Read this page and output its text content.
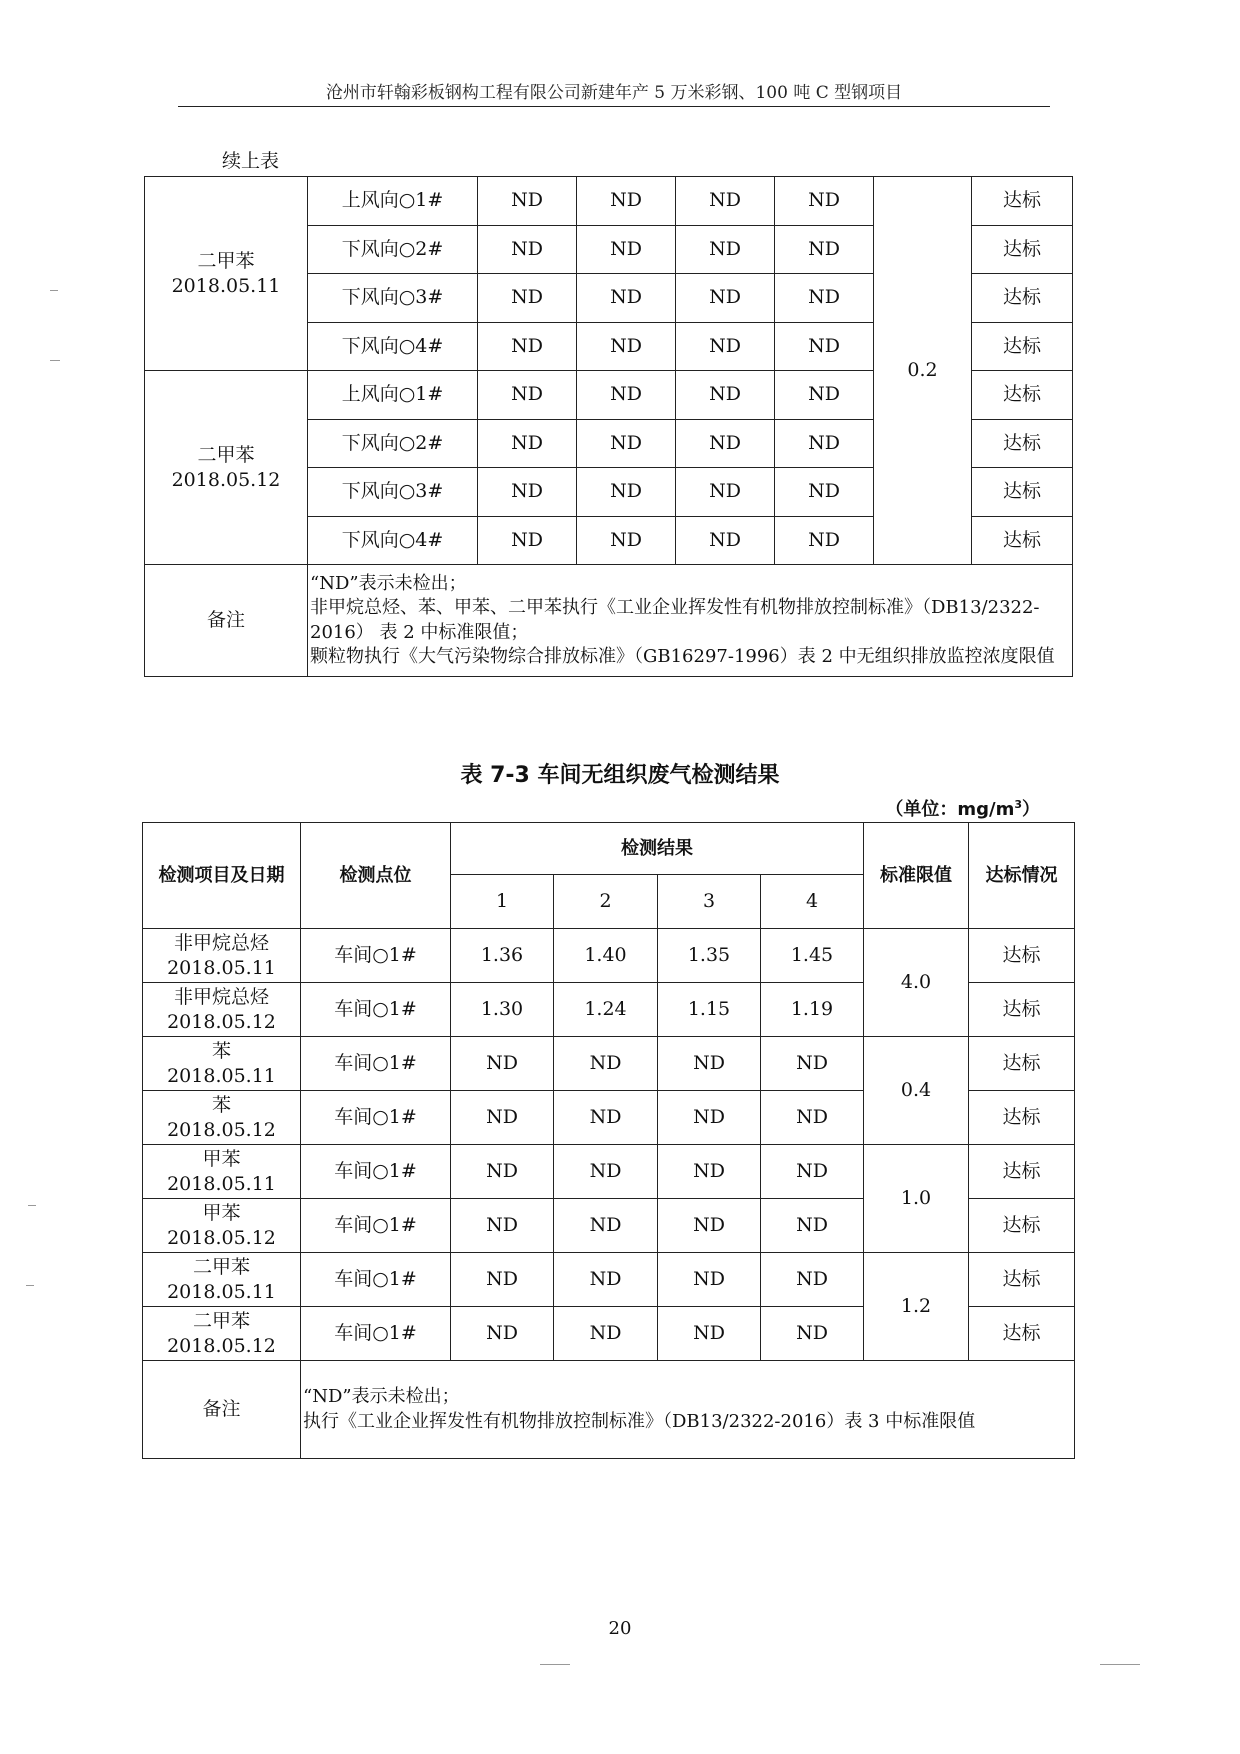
沧州市轩翰彩板钢构工程有限公司新建年产 5 万米彩钢、100 吨 C 型钢项目
续上表
二甲苯
2018.05.11	上风向○1#	ND	ND	ND	ND	0.2	达标
	下风向○2#	ND	ND	ND	ND		达标
	下风向○3#	ND	ND	ND	ND		达标
	下风向○4#	ND	ND	ND	ND		达标
二甲苯
2018.05.12	上风向○1#	ND	ND	ND	ND		达标
	下风向○2#	ND	ND	ND	ND		达标
	下风向○3#	ND	ND	ND	ND		达标
	下风向○4#	ND	ND	ND	ND		达标
备注	“ND”表示未检出；
非甲烷总烃、苯、甲苯、二甲苯执行《工业企业挥发性有机物排放控制标准》（DB13/2322-2016） 表 2 中标准限值；
颗粒物执行《大气污染物综合排放标准》（GB16297-1996）表 2 中无组织排放监控浓度限值						
表 7-3 车间无组织废气检测结果
（单位：$mg/m^3$）
检测项目及日期	检测点位	检测结果				标准限值	达标情况
		1	2	3	4		
非甲烷总烃
2018.05.11	车间○1#	1.36	1.40	1.35	1.45	4.0	达标
非甲烷总烃
2018.05.12	车间○1#	1.30	1.24	1.15	1.19		达标
苯
2018.05.11	车间○1#	ND	ND	ND	ND	0.4	达标
苯
2018.05.12	车间○1#	ND	ND	ND	ND		达标
甲苯
2018.05.11	车间○1#	ND	ND	ND	ND	1.0	达标
甲苯
2018.05.12	车间○1#	ND	ND	ND	ND		达标
二甲苯
2018.05.11	车间○1#	ND	ND	ND	ND	1.2	达标
二甲苯
2018.05.12	车间○1#	ND	ND	ND	ND		达标
备注	“ND”表示未检出；
执行《工业企业挥发性有机物排放控制标准》（DB13/2322-2016）表 3 中标准限值						
20
